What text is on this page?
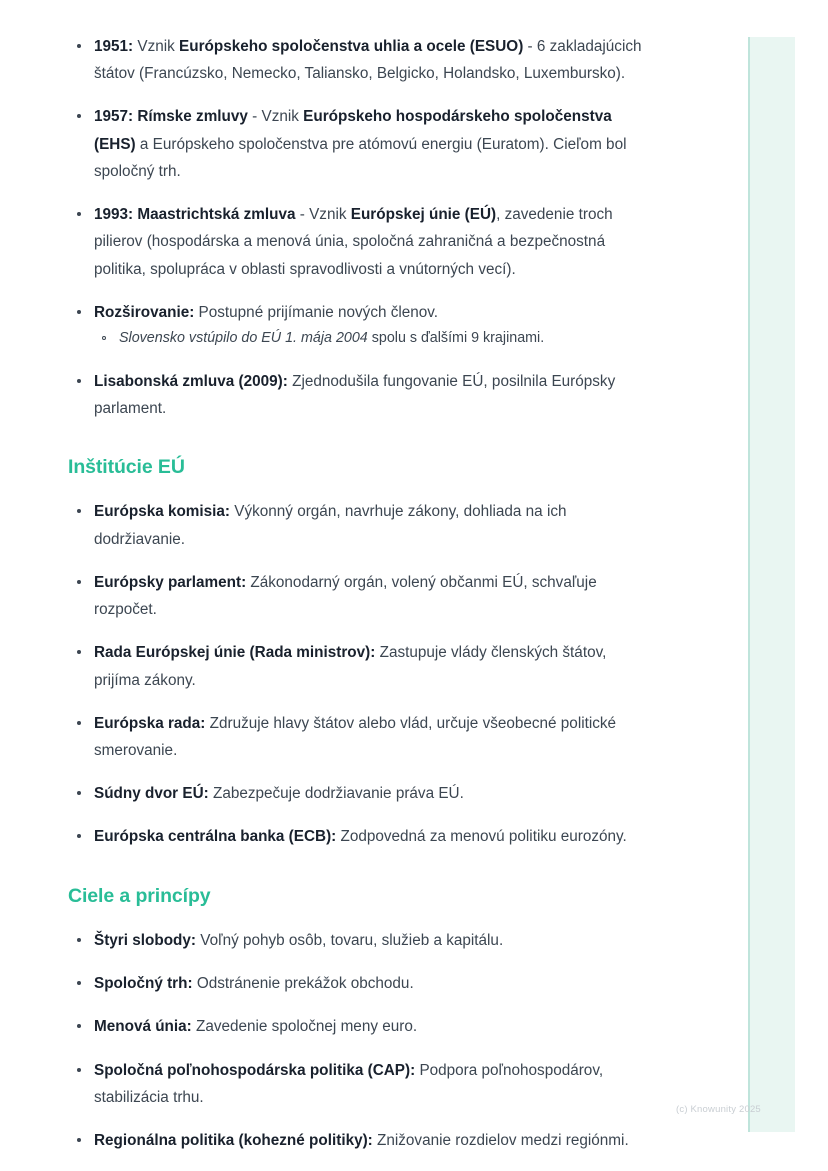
1951: Vznik Európskeho spoločenstva uhlia a ocele (ESUO) - 6 zakladajúcich štátov (Francúzsko, Nemecko, Taliansko, Belgicko, Holandsko, Luxembursko).
1957: Rímske zmluvy - Vznik Európskeho hospodárskeho spoločenstva (EHS) a Európskeho spoločenstva pre atómovú energiu (Euratom). Cieľom bol spoločný trh.
1993: Maastrichtská zmluva - Vznik Európskej únie (EÚ), zavedenie troch pilierov (hospodárska a menová únia, spoločná zahraničná a bezpečnostná politika, spolupráca v oblasti spravodlivosti a vnútorných vecí).
Rozširovanie: Postupné prijímanie nových členov.
Slovensko vstúpilo do EÚ 1. mája 2004 spolu s ďalšími 9 krajinami.
Lisabonská zmluva (2009): Zjednodušila fungovanie EÚ, posilnila Európsky parlament.
Inštitúcie EÚ
Európska komisia: Výkonný orgán, navrhuje zákony, dohliada na ich dodržiavanie.
Európsky parlament: Zákonodarný orgán, volený občanmi EÚ, schvaľuje rozpočet.
Rada Európskej únie (Rada ministrov): Zastupuje vlády členských štátov, prijíma zákony.
Európska rada: Združuje hlavy štátov alebo vlád, určuje všeobecné politické smerovanie.
Súdny dvor EÚ: Zabezpečuje dodržiavanie práva EÚ.
Európska centrálna banka (ECB): Zodpovedná za menovú politiku eurozóny.
Ciele a princípy
Štyri slobody: Voľný pohyb osôb, tovaru, služieb a kapitálu.
Spoločný trh: Odstránenie prekážok obchodu.
Menová únia: Zavedenie spoločnej meny euro.
Spoločná poľnohospodárska politika (CAP): Podpora poľnohospodárov, stabilizácia trhu.
Regionálna politika (kohezné politiky): Znižovanie rozdielov medzi regiónmi.
(c) Knowunity 2025
